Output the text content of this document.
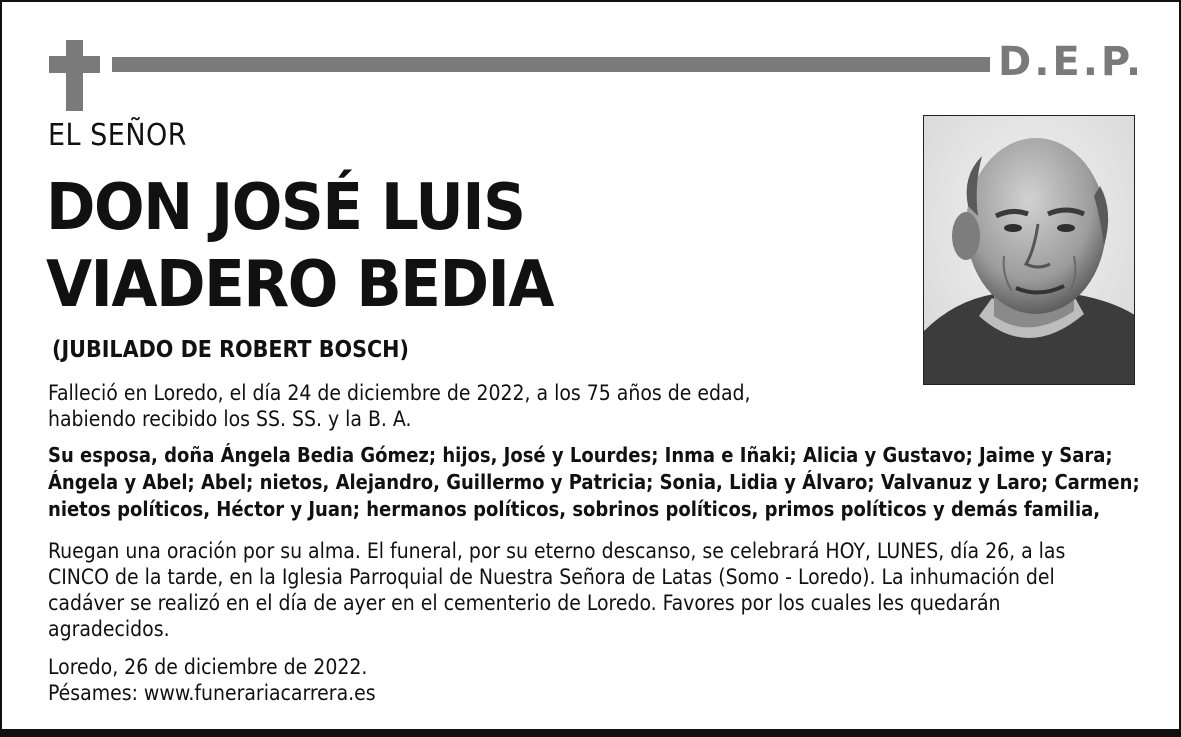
D.E.P.
EL SEÑOR
DON JOSÉ LUIS
VIADERO BEDIA
(JUBILADO DE ROBERT BOSCH)
Falleció en Loredo, el día 24 de diciembre de 2022, a los 75 años de edad,
habiendo recibido los SS. SS. y la B. A.
Su esposa, doña Ángela Bedia Gómez; hijos, José y Lourdes; Inma e Iñaki; Alicia y Gustavo; Jaime y Sara;
Ángela y Abel; Abel; nietos, Alejandro, Guillermo y Patricia; Sonia, Lidia y Álvaro; Valvanuz y Laro; Carmen;
nietos políticos, Héctor y Juan; hermanos políticos, sobrinos políticos, primos políticos y demás familia,
Ruegan una oración por su alma. El funeral, por su eterno descanso, se celebrará HOY, LUNES, día 26, a las
CINCO de la tarde, en la Iglesia Parroquial de Nuestra Señora de Latas (Somo - Loredo). La inhumación del
cadáver se realizó en el día de ayer en el cementerio de Loredo. Favores por los cuales les quedarán
agradecidos.
Loredo, 26 de diciembre de 2022.
Pésames: www.funerariacarrera.es
